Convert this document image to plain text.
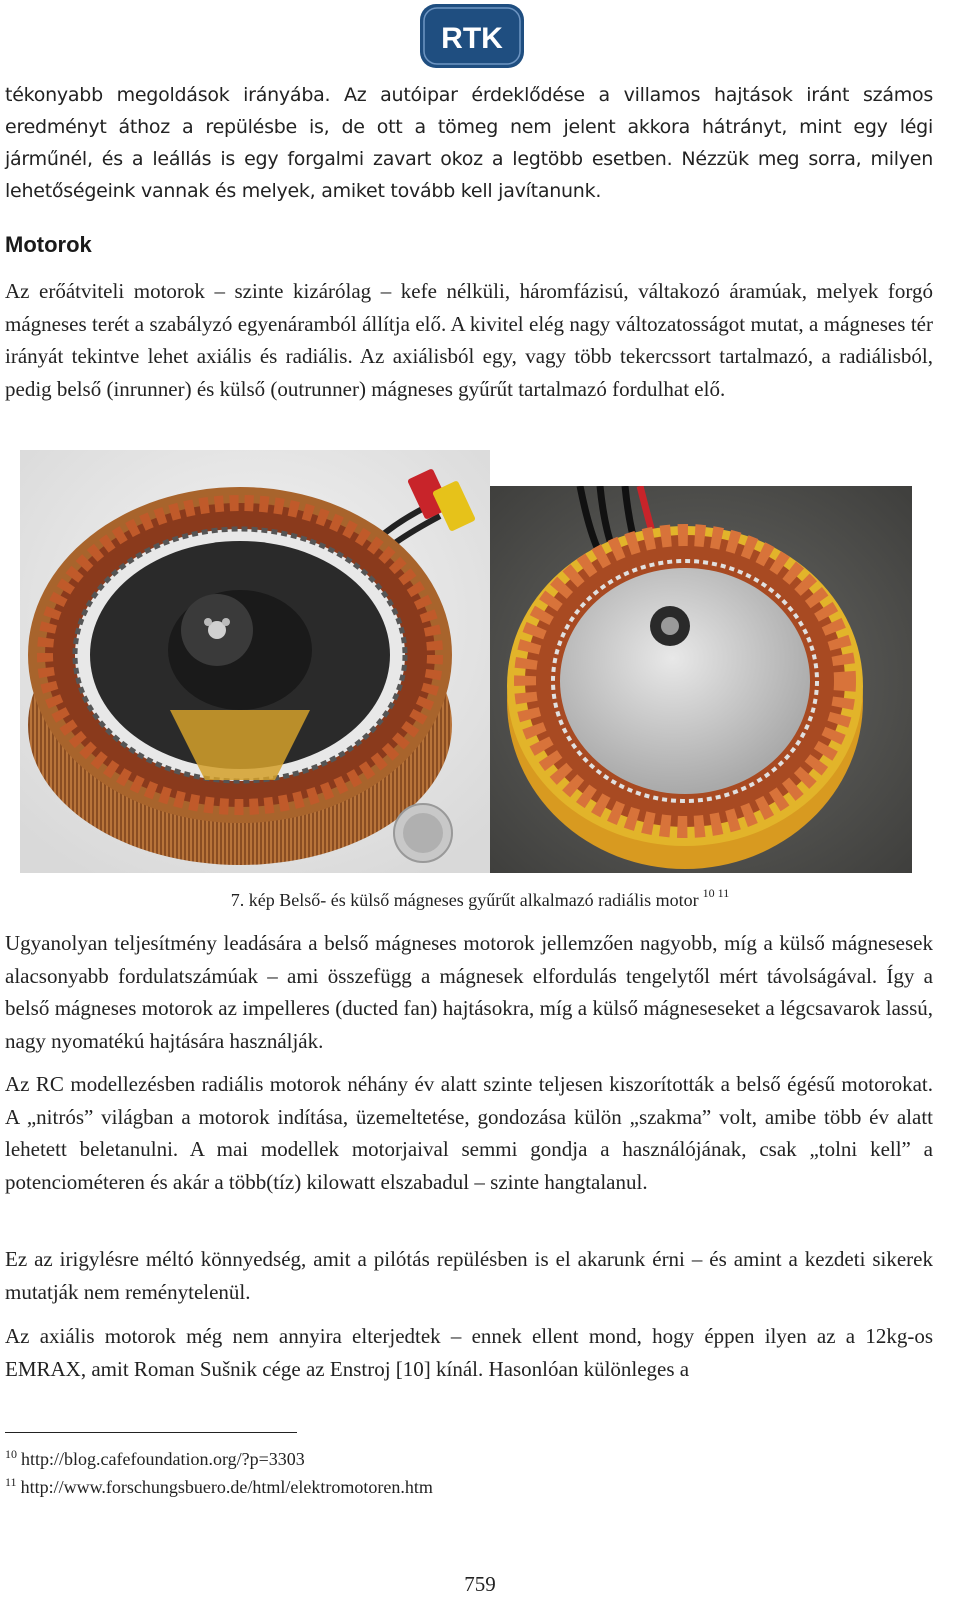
RTK

tékonyabb megoldások irányába. Az autóipar érdeklődése a villamos hajtások iránt számos eredményt áthoz a repülésbe is, de ott a tömeg nem jelent akkora hátrányt, mint egy légi járműnél, és a leállás is egy forgalmi zavart okoz a legtöbb esetben. Nézzük meg sorra, milyen lehetőségeink vannak és melyek, amiket tovább kell javítanunk.

Motorok

Az erőátviteli motorok – szinte kizárólag – kefe nélküli, háromfázisú, váltakozó áramúak, melyek forgó mágneses terét a szabályzó egyenáramból állítja elő. A kivitel elég nagy változatosságot mutat, a mágneses tér irányát tekintve lehet axiális és radiális. Az axiálisból egy, vagy több tekercssort tartalmazó, a radiálisból, pedig belső (inrunner) és külső (outrunner) mágneses gyűrűt tartalmazó fordulhat elő.

7. kép Belső- és külső mágneses gyűrűt alkalmazó radiális motor $^{10 11}$

Ugyanolyan teljesítmény leadására a belső mágneses motorok jellemzően nagyobb, míg a külső mágnesesek alacsonyabb fordulatszámúak – ami összefügg a mágnesek elfordulás tengelytől mért távolságával. Így a belső mágneses motorok az impelleres (ducted fan) hajtásokra, míg a külső mágneseseket a légcsavarok lassú, nagy nyomatékú hajtására használják.

Az RC modellezésben radiális motorok néhány év alatt szinte teljesen kiszorították a belső égésű motorokat. A „nitrós” világban a motorok indítása, üzemeltetése, gondozása külön „szakma” volt, amibe több év alatt lehetett beletanulni. A mai modellek motorjaival semmi gondja a használójának, csak „tolni kell” a potenciométeren és akár a több(tíz) kilowatt elszabadul – szinte hangtalanul.

Ez az irigylésre méltó könnyedség, amit a pilótás repülésben is el akarunk érni – és amint a kezdeti sikerek mutatják nem reménytelenül.

Az axiális motorok még nem annyira elterjedtek – ennek ellent mond, hogy éppen ilyen az a 12kg-os EMRAX, amit Roman Sušnik cége az Enstroj [10] kínál. Hasonlóan különleges a

$^{10}$ http://blog.cafefoundation.org/?p=3303

$^{11}$ http://www.forschungsbuero.de/html/elektromotoren.htm

759
